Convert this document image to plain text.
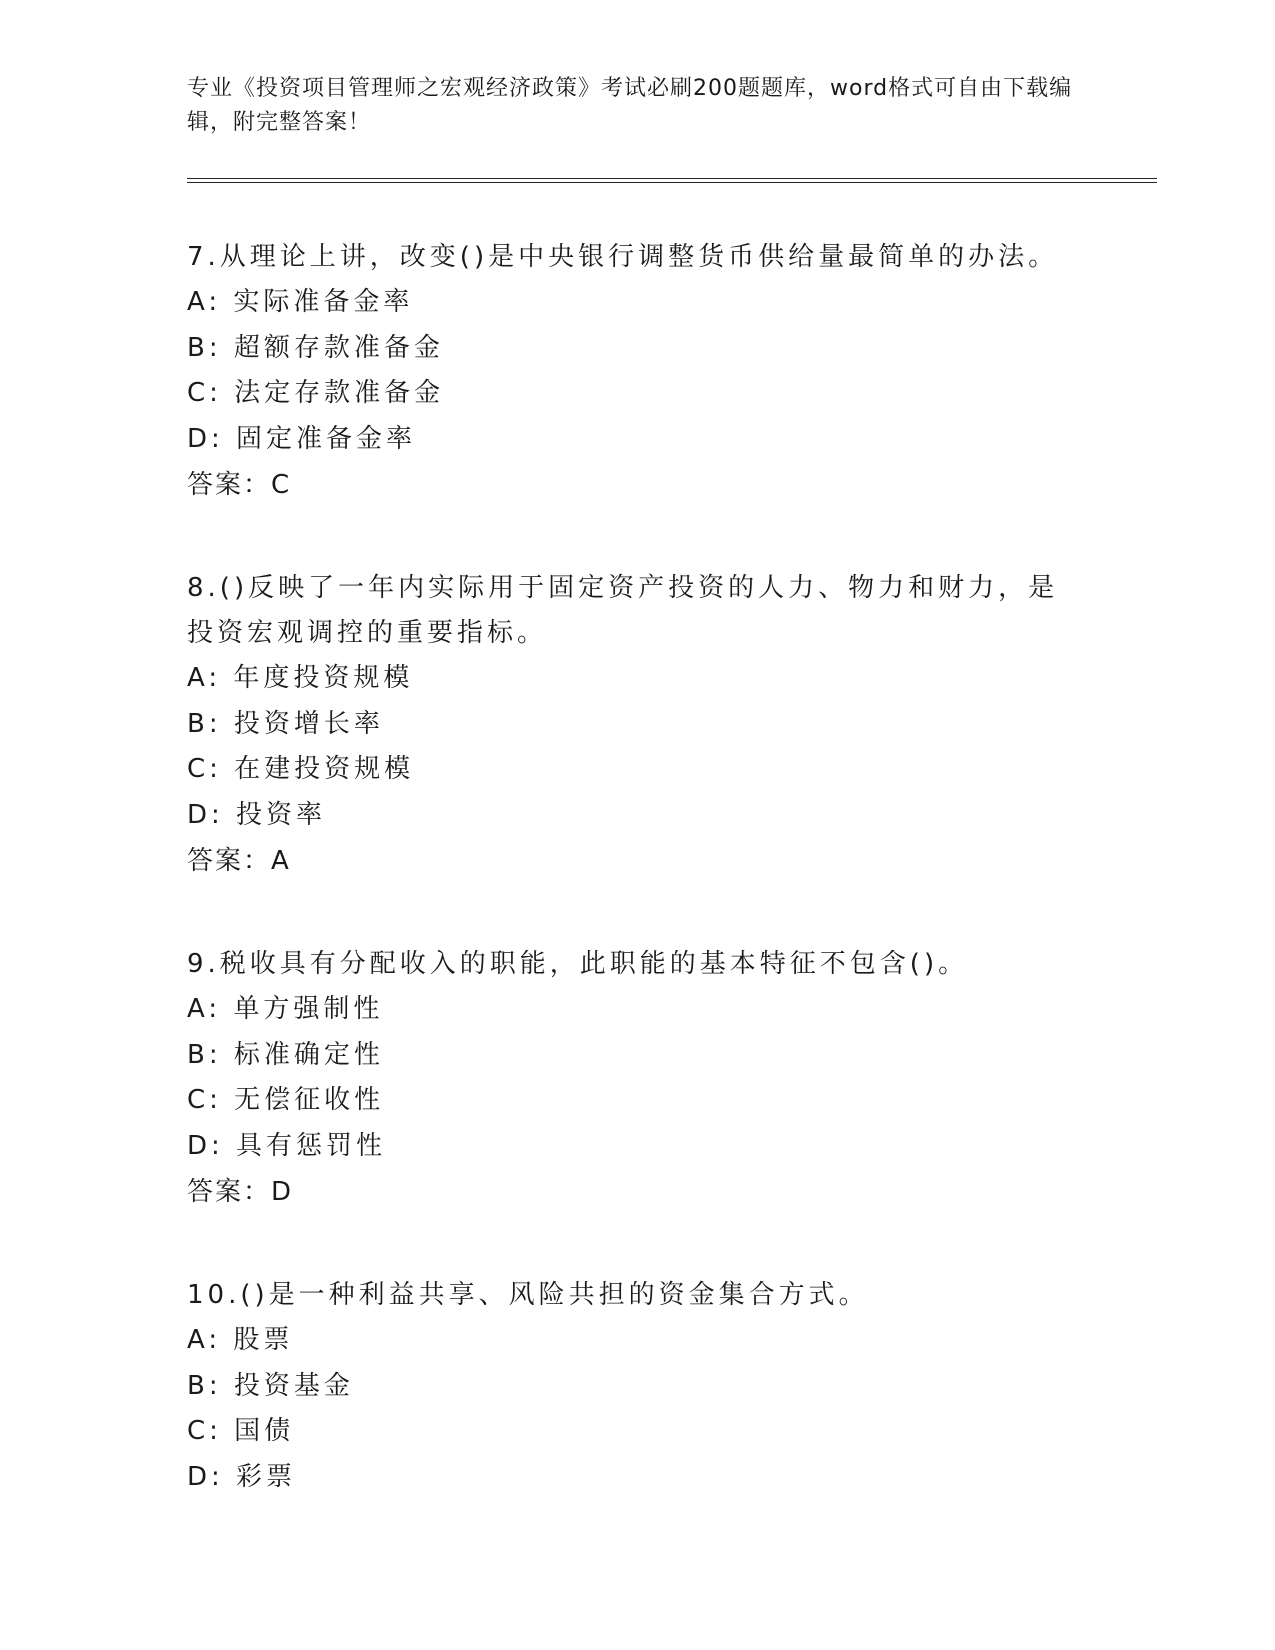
专业《投资项目管理师之宏观经济政策》考试必刷200题题库，word格式可自由下载编辑，附完整答案！
7.从理论上讲，改变()是中央银行调整货币供给量最简单的办法。
A: 实际准备金率
B: 超额存款准备金
C: 法定存款准备金
D: 固定准备金率
答案：C
8.()反映了一年内实际用于固定资产投资的人力、物力和财力，是投资宏观调控的重要指标。
A: 年度投资规模
B: 投资增长率
C: 在建投资规模
D: 投资率
答案：A
9.税收具有分配收入的职能，此职能的基本特征不包含()。
A: 单方强制性
B: 标准确定性
C: 无偿征收性
D: 具有惩罚性
答案：D
10.()是一种利益共享、风险共担的资金集合方式。
A: 股票
B: 投资基金
C: 国债
D: 彩票
